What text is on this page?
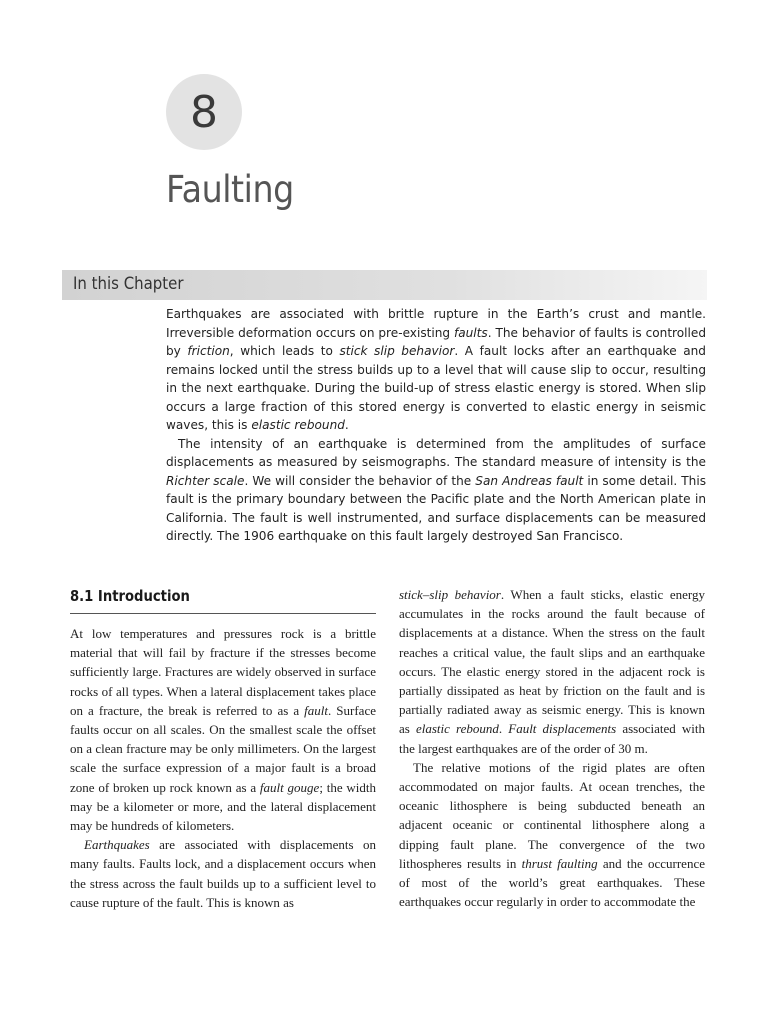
8
Faulting
In this Chapter

Earthquakes are associated with brittle rupture in the Earth’s crust and mantle. Irreversible deformation occurs on pre-existing faults. The behavior of faults is controlled by friction, which leads to stick slip behavior. A fault locks after an earthquake and remains locked until the stress builds up to a level that will cause slip to occur, resulting in the next earthquake. During the build-up of stress elastic energy is stored. When slip occurs a large fraction of this stored energy is converted to elastic energy in seismic waves, this is elastic rebound.

The intensity of an earthquake is determined from the amplitudes of surface displacements as measured by seismographs. The standard measure of intensity is the Richter scale. We will consider the behavior of the San Andreas fault in some detail. This fault is the primary boundary between the Pacific plate and the North American plate in California. The fault is well instrumented, and surface displacements can be measured directly. The 1906 earthquake on this fault largely destroyed San Francisco.

8.1 Introduction

At low temperatures and pressures rock is a brittle material that will fail by fracture if the stresses become sufficiently large. Fractures are widely observed in surface rocks of all types. When a lateral displacement takes place on a fracture, the break is referred to as a fault. Surface faults occur on all scales. On the smallest scale the offset on a clean fracture may be only millimeters. On the largest scale the surface expression of a major fault is a broad zone of broken up rock known as a fault gouge; the width may be a kilometer or more, and the lateral displacement may be hundreds of kilometers.

Earthquakes are associated with displacements on many faults. Faults lock, and a displacement occurs when the stress across the fault builds up to a sufficient level to cause rupture of the fault. This is known as

stick–slip behavior. When a fault sticks, elastic energy accumulates in the rocks around the fault because of displacements at a distance. When the stress on the fault reaches a critical value, the fault slips and an earthquake occurs. The elastic energy stored in the adjacent rock is partially dissipated as heat by friction on the fault and is partially radiated away as seismic energy. This is known as elastic rebound. Fault displacements associated with the largest earthquakes are of the order of 30 m.

The relative motions of the rigid plates are often accommodated on major faults. At ocean trenches, the oceanic lithosphere is being subducted beneath an adjacent oceanic or continental lithosphere along a dipping fault plane. The convergence of the two lithospheres results in thrust faulting and the occurrence of most of the world’s great earthquakes. These earthquakes occur regularly in order to accommodate the
